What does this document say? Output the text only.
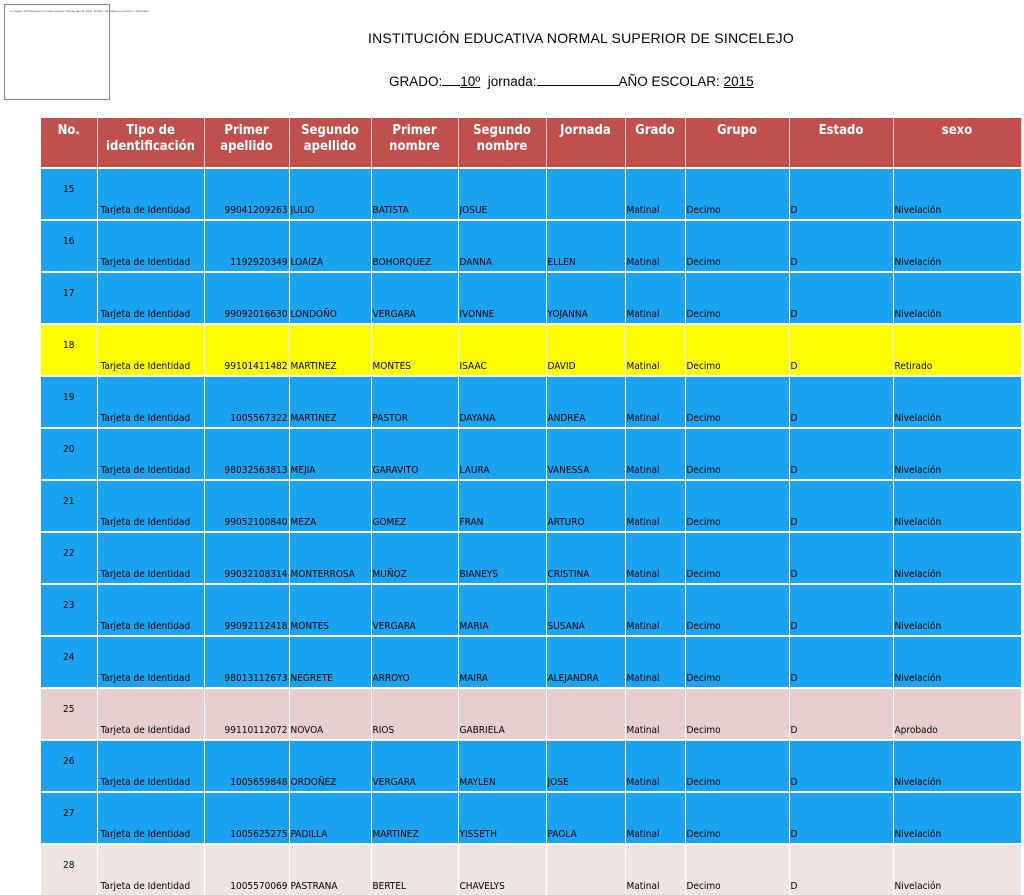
La imagen vinculada no se puede mostrar. Puede que se haya movido, cambiado de nombre o eliminado.
INSTITUCIÓN EDUCATIVA NORMAL SUPERIOR DE SINCELEJO
GRADO: 10º jornada:	AÑO ESCOLAR: 2015
No.	Tipo de identificación	Primer apellido	Segundo apellido	Primer nombre	Segundo nombre	Jornada	Grado	Grupo	Estado	sexo
15	Tarjeta de Identidad	99041209263	JULIO	BATISTA	JOSUE		Matinal	Decimo	D	Nivelación
16	Tarjeta de Identidad	1192920349	LOAIZA	BOHORQUEZ	DANNA	ELLEN	Matinal	Decimo	D	Nivelación
17	Tarjeta de Identidad	99092016630	LONDOÑO	VERGARA	IVONNE	YOJANNA	Matinal	Decimo	D	Nivelación
18	Tarjeta de Identidad	99101411482	MARTINEZ	MONTES	ISAAC	DAVID	Matinal	Decimo	D	Retirado
19	Tarjeta de Identidad	1005567322	MARTINEZ	PASTOR	DAYANA	ANDREA	Matinal	Decimo	D	Nivelación
20	Tarjeta de Identidad	98032563813	MEJIA	GARAVITO	LAURA	VANESSA	Matinal	Decimo	D	Nivelación
21	Tarjeta de Identidad	99052100840	MEZA	GOMEZ	FRAN	ARTURO	Matinal	Decimo	D	Nivelación
22	Tarjeta de Identidad	99032108314	MONTERROSA	MUÑOZ	BIANEYS	CRISTINA	Matinal	Decimo	D	Nivelación
23	Tarjeta de Identidad	99092112418	MONTES	VERGARA	MARIA	SUSANA	Matinal	Decimo	D	Nivelación
24	Tarjeta de Identidad	98013112673	NEGRETE	ARROYO	MAIRA	ALEJANDRA	Matinal	Decimo	D	Nivelación
25	Tarjeta de Identidad	99110112072	NOVOA	RIOS	GABRIELA		Matinal	Decimo	D	Aprobado
26	Tarjeta de Identidad	1005659848	ORDOÑEZ	VERGARA	MAYLEN	JOSE	Matinal	Decimo	D	Nivelación
27	Tarjeta de Identidad	1005625275	PADILLA	MARTINEZ	YISSETH	PAOLA	Matinal	Decimo	D	Nivelación
28	Tarjeta de Identidad	1005570069	PASTRANA	BERTEL	CHAVELYS		Matinal	Decimo	D	Nivelación
